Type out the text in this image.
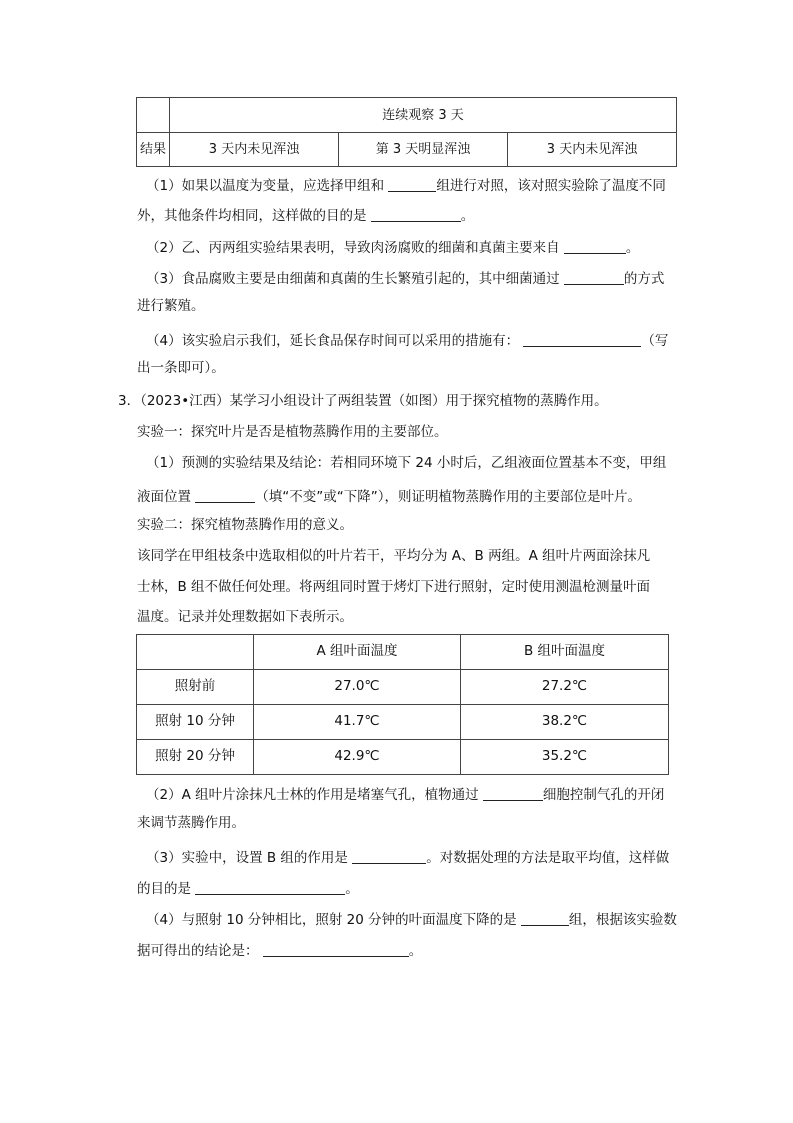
	连续观察 3 天		
结果	3 天内未见浑浊	第 3 天明显浑浊	3 天内未见浑浊
（1）如果以温度为变量，应选择甲组和	组进行对照，该对照实验除了温度不同
外，其他条件均相同，这样做的目的是	。
（2）乙、丙两组实验结果表明，导致肉汤腐败的细菌和真菌主要来自	。
（3）食品腐败主要是由细菌和真菌的生长繁殖引起的，其中细菌通过	的方式
进行繁殖。
（4）该实验启示我们，延长食品保存时间可以采用的措施有：	（写
出一条即可）。
3．（2023•江西）某学习小组设计了两组装置（如图）用于探究植物的蒸腾作用。
实验一：探究叶片是否是植物蒸腾作用的主要部位。
（1）预测的实验结果及结论：若相同环境下 24 小时后，乙组液面位置基本不变，甲组
液面位置	（填“不变”或“下降”），则证明植物蒸腾作用的主要部位是叶片。
实验二：探究植物蒸腾作用的意义。
该同学在甲组枝条中选取相似的叶片若干，平均分为 A、B 两组。A 组叶片两面涂抹凡
士林，B 组不做任何处理。将两组同时置于烤灯下进行照射，定时使用测温枪测量叶面
温度。记录并处理数据如下表所示。
	A 组叶面温度	B 组叶面温度
照射前	27.0℃	27.2℃
照射 10 分钟	41.7℃	38.2℃
照射 20 分钟	42.9℃	35.2℃
（2）A 组叶片涂抹凡士林的作用是堵塞气孔，植物通过	细胞控制气孔的开闭
来调节蒸腾作用。
（3）实验中，设置 B 组的作用是	。对数据处理的方法是取平均值，这样做
的目的是	。
（4）与照射 10 分钟相比，照射 20 分钟的叶面温度下降的是	组，根据该实验数
据可得出的结论是：	。
